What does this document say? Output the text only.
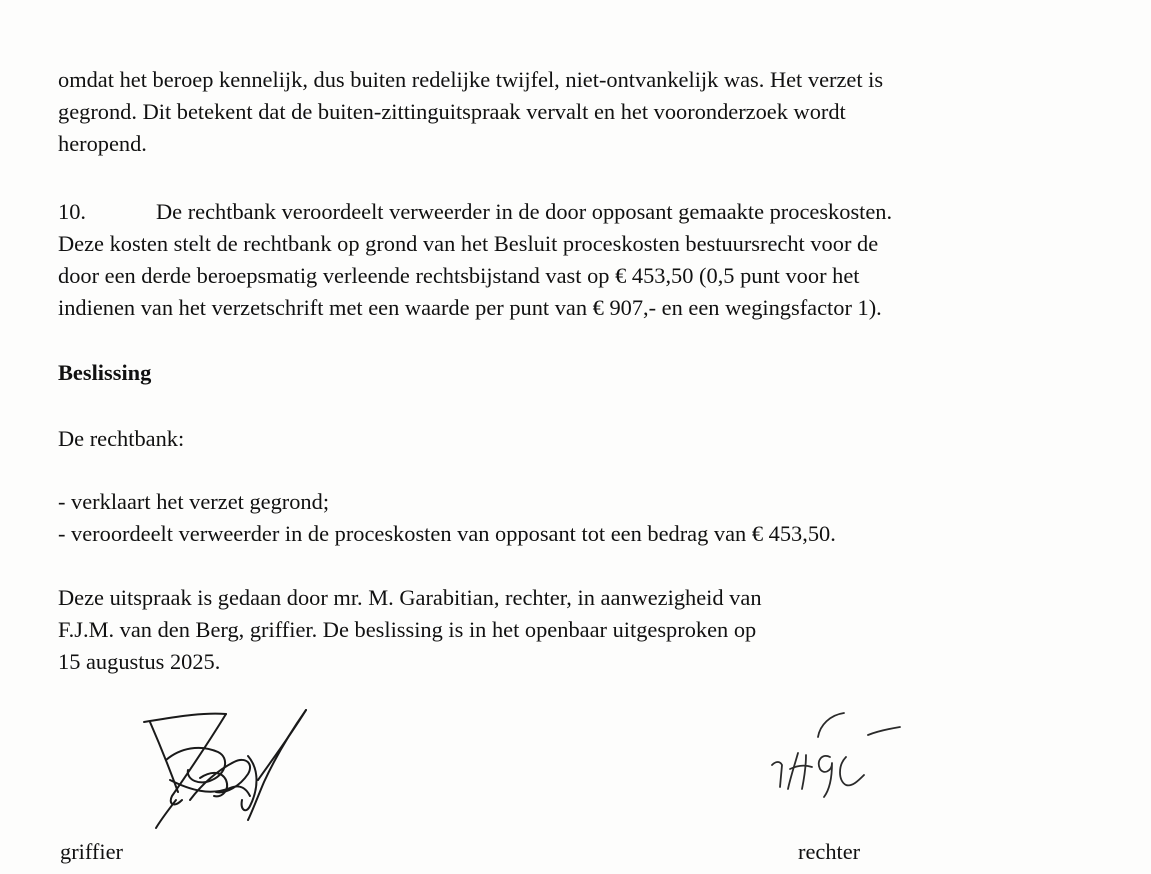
omdat het beroep kennelijk, dus buiten redelijke twijfel, niet-ontvankelijk was. Het verzet is
gegrond. Dit betekent dat de buiten-zittinguitspraak vervalt en het vooronderzoek wordt
heropend.
10.	De rechtbank veroordeelt verweerder in de door opposant gemaakte proceskosten.
Deze kosten stelt de rechtbank op grond van het Besluit proceskosten bestuursrecht voor de
door een derde beroepsmatig verleende rechtsbijstand vast op € 453,50 (0,5 punt voor het
indienen van het verzetschrift met een waarde per punt van € 907,- en een wegingsfactor 1).
Beslissing
De rechtbank:
- verklaart het verzet gegrond;
- veroordeelt verweerder in de proceskosten van opposant tot een bedrag van € 453,50.
Deze uitspraak is gedaan door mr. M. Garabitian, rechter, in aanwezigheid van
F.J.M. van den Berg, griffier. De beslissing is in het openbaar uitgesproken op
15 augustus 2025.
griffier	rechter
